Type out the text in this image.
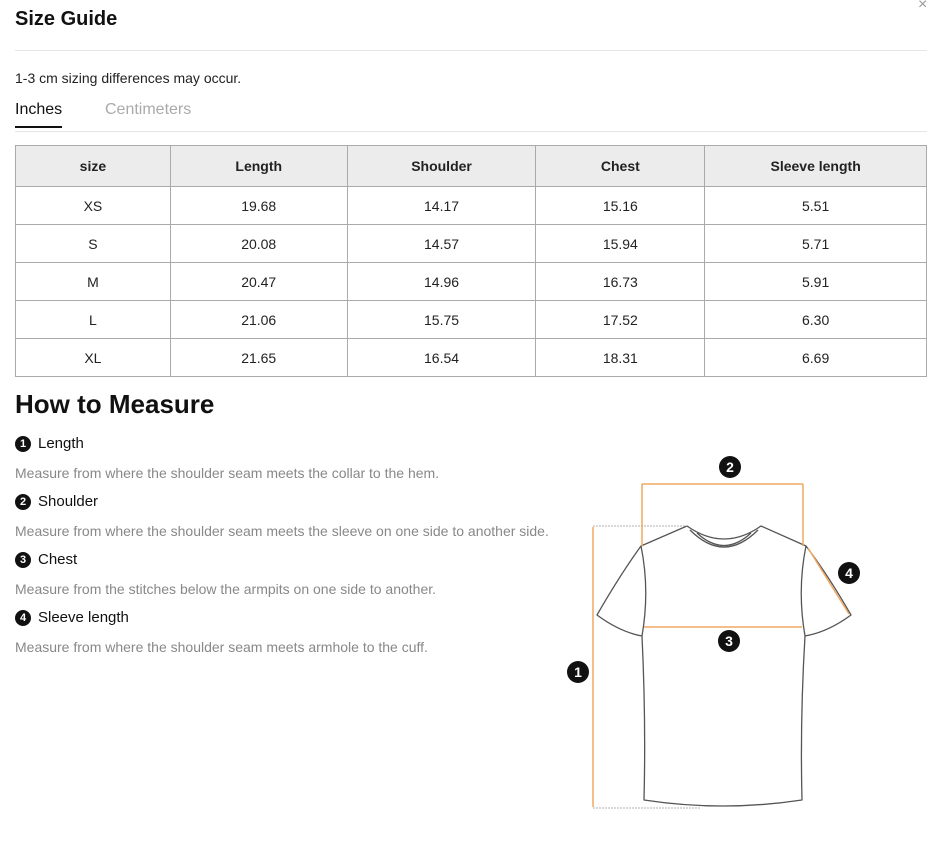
Size Guide
×
1-3 cm sizing differences may occur.
Inches	Centimeters
size	Length	Shoulder	Chest	Sleeve length
XS	19.68	14.17	15.16	5.51
S	20.08	14.57	15.94	5.71
M	20.47	14.96	16.73	5.91
L	21.06	15.75	17.52	6.30
XL	21.65	16.54	18.31	6.69
How to Measure
1 Length
Measure from where the shoulder seam meets the collar to the hem.
2 Shoulder
Measure from where the shoulder seam meets the sleeve on one side to another side.
3 Chest
Measure from the stitches below the armpits on one side to another.
4 Sleeve length
Measure from where the shoulder seam meets armhole to the cuff.
1
2
3
4
